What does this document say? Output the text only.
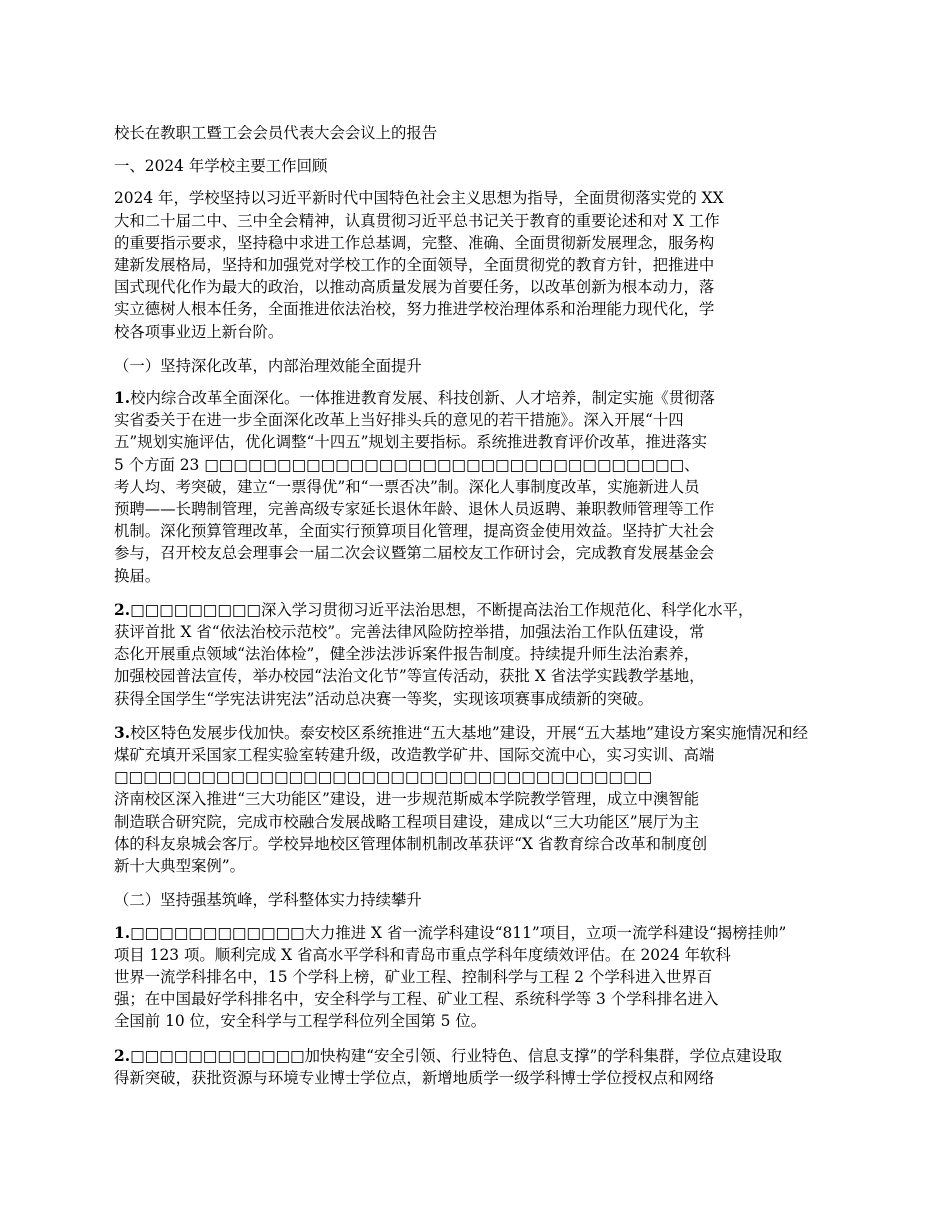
校长在教职工暨工会会员代表大会会议上的报告
一、2024 年学校主要工作回顾
2024 年，学校坚持以习近平新时代中国特色社会主义思想为指导，全面贯彻落实党的 XX
大和二十届二中、三中全会精神，认真贯彻习近平总书记关于教育的重要论述和对 X 工作
的重要指示要求，坚持稳中求进工作总基调，完整、准确、全面贯彻新发展理念，服务构
建新发展格局，坚持和加强党对学校工作的全面领导，全面贯彻党的教育方针，把推进中
国式现代化作为最大的政治，以推动高质量发展为首要任务，以改革创新为根本动力，落
实立德树人根本任务，全面推进依法治校，努力推进学校治理体系和治理能力现代化，学
校各项事业迈上新台阶。
（一）坚持深化改革，内部治理效能全面提升
1.校内综合改革全面深化。一体推进教育发展、科技创新、人才培养，制定实施《贯彻落
实省委关于在进一步全面深化改革上当好排头兵的意见的若干措施》。深入开展“十四
五”规划实施评估，优化调整“十四五”规划主要指标。系统推进教育评价改革，推进落实
5 个方面 23 □□□□□□□□□□□□□□□□□□□□□□□□□□□□□□□□□、
考人均、考突破，建立“一票得优”和“一票否决”制。深化人事制度改革，实施新进人员
预聘——长聘制管理，完善高级专家延长退休年龄、退休人员返聘、兼职教师管理等工作
机制。深化预算管理改革，全面实行预算项目化管理，提高资金使用效益。坚持扩大社会
参与，召开校友总会理事会一届二次会议暨第二届校友工作研讨会，完成教育发展基金会
换届。
2.□□□□□□□□□深入学习贯彻习近平法治思想，不断提高法治工作规范化、科学化水平，
获评首批 X 省“依法治校示范校”。完善法律风险防控举措，加强法治工作队伍建设，常
态化开展重点领域“法治体检”，健全涉法涉诉案件报告制度。持续提升师生法治素养，
加强校园普法宣传，举办校园“法治文化节”等宣传活动，获批 X 省法学实践教学基地，
获得全国学生“学宪法讲宪法”活动总决赛一等奖，实现该项赛事成绩新的突破。
3.校区特色发展步伐加快。泰安校区系统推进“五大基地”建设，开展“五大基地”建设方案实施情况和经
煤矿充填开采国家工程实验室转建升级，改造教学矿井、国际交流中心，实习实训、高端
□□□□□□□□□□□□□□□□□□□□□□□□□□□□□□□□□□□□□
济南校区深入推进“三大功能区”建设，进一步规范斯威本学院教学管理，成立中澳智能
制造联合研究院，完成市校融合发展战略工程项目建设，建成以“三大功能区”展厅为主
体的科友泉城会客厅。学校异地校区管理体制机制改革获评“X 省教育综合改革和制度创
新十大典型案例”。
（二）坚持强基筑峰，学科整体实力持续攀升
1.□□□□□□□□□□□□大力推进 X 省一流学科建设“811”项目，立项一流学科建设“揭榜挂帅”
项目 123 项。顺利完成 X 省高水平学科和青岛市重点学科年度绩效评估。在 2024 年软科
世界一流学科排名中，15 个学科上榜，矿业工程、控制科学与工程 2 个学科进入世界百
强；在中国最好学科排名中，安全科学与工程、矿业工程、系统科学等 3 个学科排名进入
全国前 10 位，安全科学与工程学科位列全国第 5 位。
2.□□□□□□□□□□□□加快构建“安全引领、行业特色、信息支撑”的学科集群，学位点建设取
得新突破，获批资源与环境专业博士学位点，新增地质学一级学科博士学位授权点和网络
